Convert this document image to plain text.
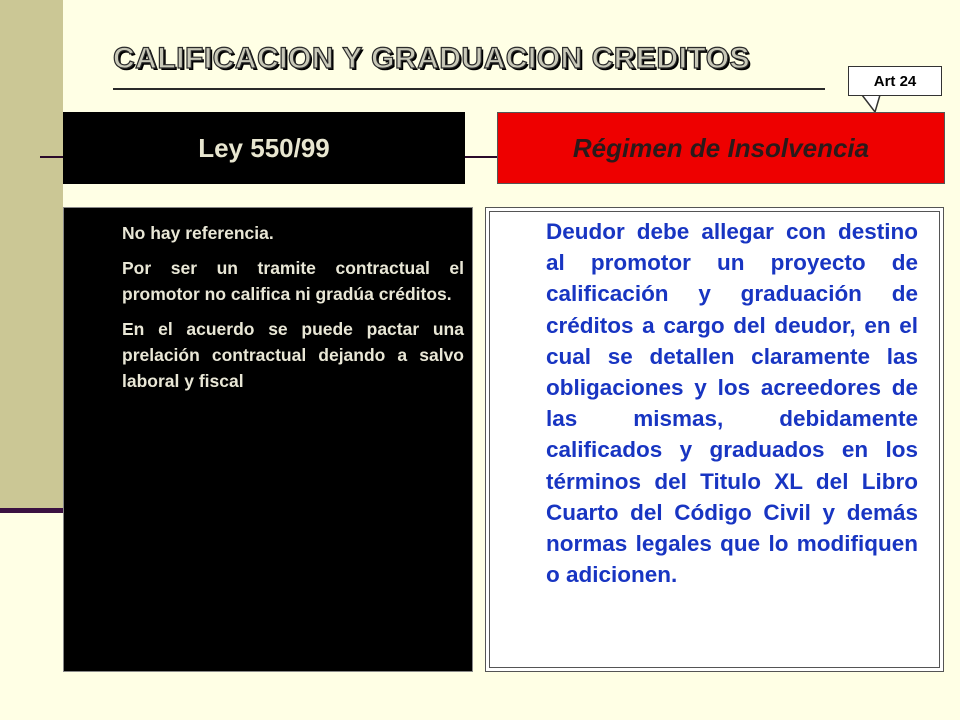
CALIFICACION Y GRADUACION CREDITOS
Art 24
Ley 550/99	Régimen de Insolvencia

No hay referencia.

Por ser un tramite contractual el promotor no califica ni gradúa créditos.

En el acuerdo se puede pactar una prelación contractual dejando a salvo laboral y fiscal

Deudor debe allegar con destino al promotor un proyecto de calificación y graduación de créditos a cargo del deudor, en el cual se detallen claramente las obligaciones y los acreedores de las mismas, debidamente calificados y graduados en los términos del Titulo XL del Libro Cuarto del Código Civil y demás normas legales que lo modifiquen o adicionen.
